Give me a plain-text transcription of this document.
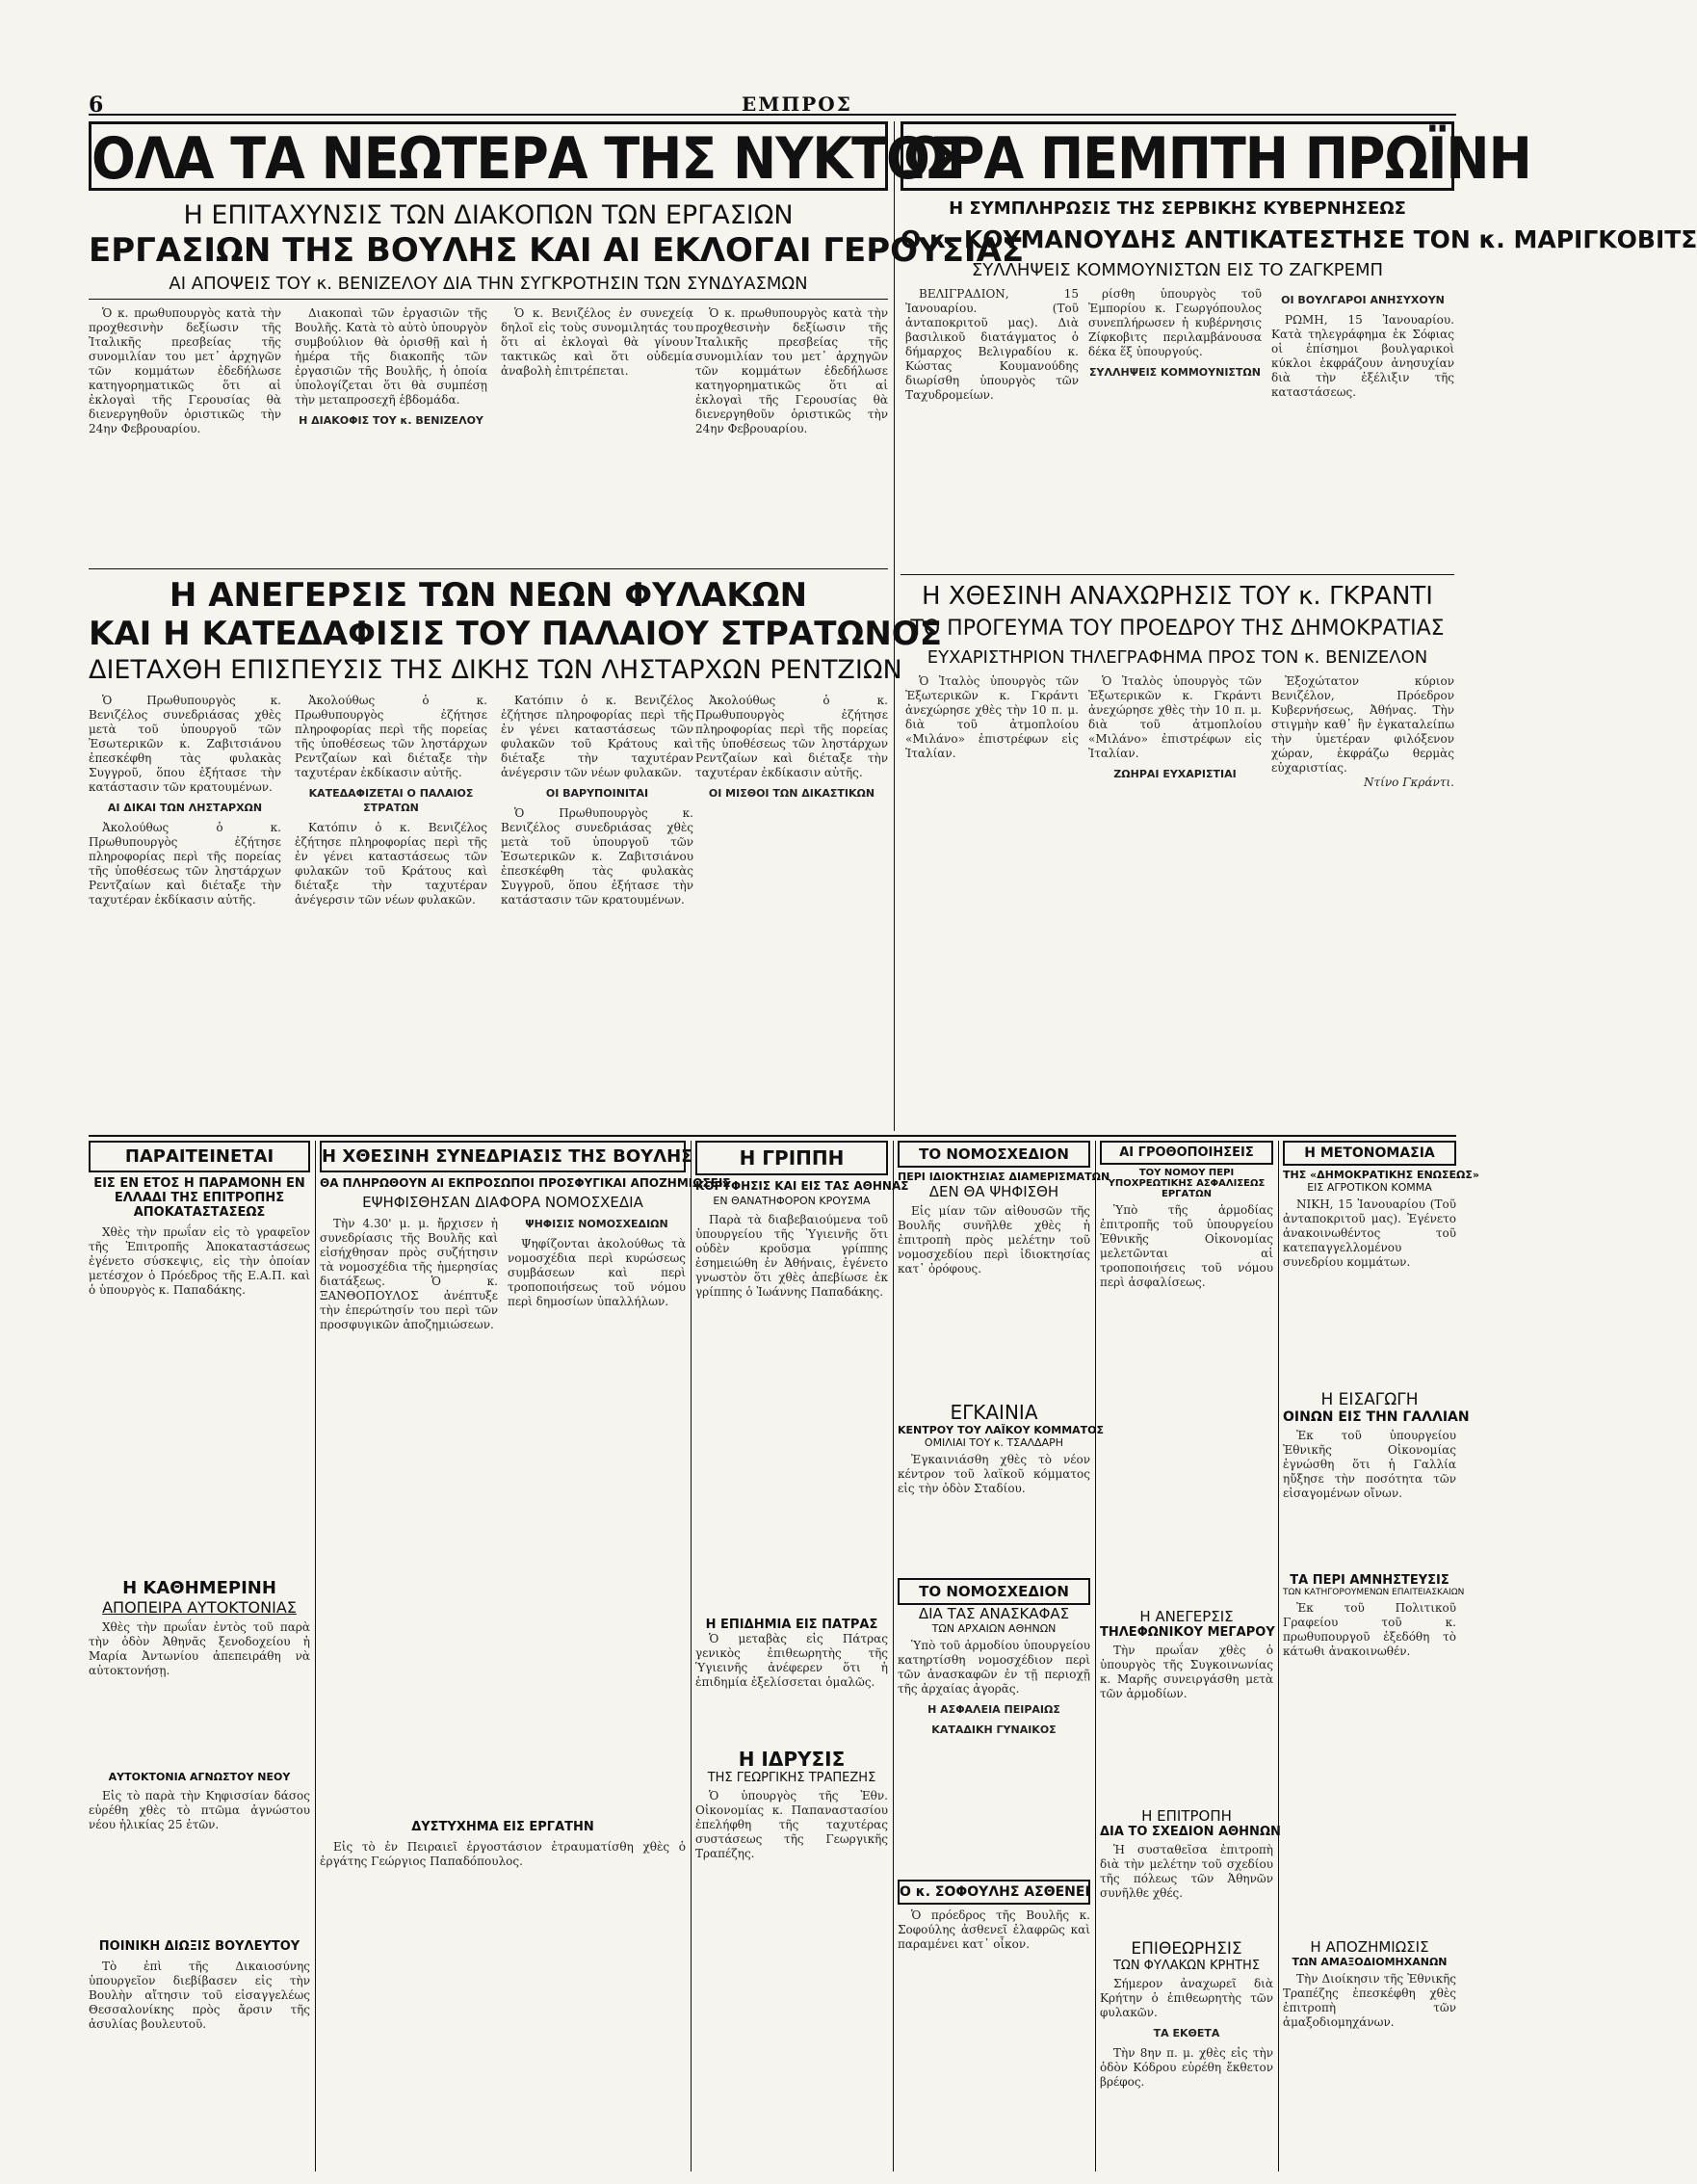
6	ΕΜΠΡΟΣ
ΟΛΑ ΤΑ ΝΕΩΤΕΡΑ ΤΗΣ ΝΥΚΤΟΣ
ΩΡΑ ΠΕΜΠΤΗ ΠΡΩΪΝΗ
Η ΕΠΙΤΑΧΥΝΣΙΣ ΤΩΝ ΔΙΑΚΟΠΩΝ ΤΩΝ ΕΡΓΑΣΙΩΝ
ΕΡΓΑΣΙΩΝ ΤΗΣ ΒΟΥΛΗΣ ΚΑΙ ΑΙ ΕΚΛΟΓΑΙ ΓΕΡΟΥΣΙΑΣ
ΑΙ ΑΠΟΨΕΙΣ ΤΟΥ κ. ΒΕΝΙΖΕΛΟΥ ΔΙΑ ΤΗΝ ΣΥΓΚΡΟΤΗΣΙΝ ΤΩΝ ΣΥΝΔΥΑΣΜΩΝ

Ὁ κ. πρωθυπουργὸς κατὰ τὴν προχθεσινὴν δεξίωσιν τῆς Ἰταλικῆς πρεσβείας τῆς συνομιλίαν του μετ᾽ ἀρχηγῶν τῶν κομμάτων ἐδεδήλωσε κατηγορηματικῶς ὅτι αἱ ἐκλογαὶ τῆς Γερουσίας θὰ διενεργηθοῦν ὁριστικῶς τὴν 24ην Φεβρουαρίου.

Διακοπαὶ τῶν ἐργασιῶν τῆς Βουλῆς. Κατὰ τὸ αὐτὸ ὑπουργὸν συμβούλιον θὰ ὁρισθῇ καὶ ἡ ἡμέρα τῆς διακοπῆς τῶν ἐργασιῶν τῆς Βουλῆς, ἡ ὁποία ὑπολογίζεται ὅτι θὰ συμπέσῃ τὴν μεταπροσεχῆ ἑβδομάδα.

Η ΔΙΑΚΟΦΙΣ ΤΟΥ κ. ΒΕΝΙΖΕΛΟΥ

Ὁ κ. Βενιζέλος ἐν συνεχείᾳ δηλοῖ εἰς τοὺς συνομιλητάς του ὅτι αἱ ἐκλογαὶ θὰ γίνουν τακτικῶς καὶ ὅτι οὐδεμία ἀναβολὴ ἐπιτρέπεται.

Ὁ κ. πρωθυπουργὸς κατὰ τὴν προχθεσινὴν δεξίωσιν τῆς Ἰταλικῆς πρεσβείας τῆς συνομιλίαν του μετ᾽ ἀρχηγῶν τῶν κομμάτων ἐδεδήλωσε κατηγορηματικῶς ὅτι αἱ ἐκλογαὶ τῆς Γερουσίας θὰ διενεργηθοῦν ὁριστικῶς τὴν 24ην Φεβρουαρίου.

Η ΣΥΜΠΛΗΡΩΣΙΣ ΤΗΣ ΣΕΡΒΙΚΗΣ ΚΥΒΕΡΝΗΣΕΩΣ
Ο κ. ΚΟΥΜΑΝΟΥΔΗΣ ΑΝΤΙΚΑΤΕΣΤΗΣΕ ΤΟΝ κ. ΜΑΡΙΓΚΟΒΙΤΣ
ΣΥΛΛΗΨΕΙΣ ΚΟΜΜΟΥΝΙΣΤΩΝ ΕΙΣ ΤΟ ΖΑΓΚΡΕΜΠ

ΒΕΛΙΓΡΑΔΙΟΝ, 15 Ἰανουαρίου. (Τοῦ ἀνταποκριτοῦ μας). Διὰ βασιλικοῦ διατάγματος ὁ δήμαρχος Βελιγραδίου κ. Κώστας Κουμανούδης διωρίσθη ὑπουργὸς τῶν Ταχυδρομείων.

ρίσθη ὑπουργὸς τοῦ Ἐμπορίου κ. Γεωργόπουλος συνεπλήρωσεν ἡ κυβέρνησις Ζίφκοβιτς περιλαμβάνουσα δέκα ἕξ ὑπουργούς.

ΣΥΛΛΗΨΕΙΣ ΚΟΜΜΟΥΝΙΣΤΩΝ
ΟΙ ΒΟΥΛΓΑΡΟΙ ΑΝΗΣΥΧΟΥΝ

ΡΩΜΗ, 15 Ἰανουαρίου. Κατὰ τηλεγράφημα ἐκ Σόφιας οἱ ἐπίσημοι βουλγαρικοὶ κύκλοι ἐκφράζουν ἀνησυχίαν διὰ τὴν ἐξέλιξιν τῆς καταστάσεως.

Η ΑΝΕΓΕΡΣΙΣ ΤΩΝ ΝΕΩΝ ΦΥΛΑΚΩΝ
ΚΑΙ Η ΚΑΤΕΔΑΦΙΣΙΣ ΤΟΥ ΠΑΛΑΙΟΥ ΣΤΡΑΤΩΝΟΣ
ΔΙΕΤΑΧΘΗ ΕΠΙΣΠΕΥΣΙΣ ΤΗΣ ΔΙΚΗΣ ΤΩΝ ΛΗΣΤΑΡΧΩΝ ΡΕΝΤΖΙΩΝ

Ὁ Πρωθυπουργὸς κ. Βενιζέλος συνεδριάσας χθὲς μετὰ τοῦ ὑπουργοῦ τῶν Ἐσωτερικῶν κ. Ζαβιτσιάνου ἐπεσκέφθη τὰς φυλακὰς Συγγροῦ, ὅπου ἐξήτασε τὴν κατάστασιν τῶν κρατουμένων.

ΑΙ ΔΙΚΑΙ ΤΩΝ ΛΗΣΤΑΡΧΩΝ

Ἀκολούθως ὁ κ. Πρωθυπουργὸς ἐζήτησε πληροφορίας περὶ τῆς πορείας τῆς ὑποθέσεως τῶν ληστάρχων Ρεντζαίων καὶ διέταξε τὴν ταχυτέραν ἐκδίκασιν αὐτῆς.

Ἀκολούθως ὁ κ. Πρωθυπουργὸς ἐζήτησε πληροφορίας περὶ τῆς πορείας τῆς ὑποθέσεως τῶν ληστάρχων Ρεντζαίων καὶ διέταξε τὴν ταχυτέραν ἐκδίκασιν αὐτῆς.

ΚΑΤΕΔΑΦΙΖΕΤΑΙ Ο ΠΑΛΑΙΟΣ ΣΤΡΑΤΩΝ

Κατόπιν ὁ κ. Βενιζέλος ἐζήτησε πληροφορίας περὶ τῆς ἐν γένει καταστάσεως τῶν φυλακῶν τοῦ Κράτους καὶ διέταξε τὴν ταχυτέραν ἀνέγερσιν τῶν νέων φυλακῶν.

Κατόπιν ὁ κ. Βενιζέλος ἐζήτησε πληροφορίας περὶ τῆς ἐν γένει καταστάσεως τῶν φυλακῶν τοῦ Κράτους καὶ διέταξε τὴν ταχυτέραν ἀνέγερσιν τῶν νέων φυλακῶν.

ΟΙ ΒΑΡΥΠΟΙΝΙΤΑΙ

Ὁ Πρωθυπουργὸς κ. Βενιζέλος συνεδριάσας χθὲς μετὰ τοῦ ὑπουργοῦ τῶν Ἐσωτερικῶν κ. Ζαβιτσιάνου ἐπεσκέφθη τὰς φυλακὰς Συγγροῦ, ὅπου ἐξήτασε τὴν κατάστασιν τῶν κρατουμένων.

Ἀκολούθως ὁ κ. Πρωθυπουργὸς ἐζήτησε πληροφορίας περὶ τῆς πορείας τῆς ὑποθέσεως τῶν ληστάρχων Ρεντζαίων καὶ διέταξε τὴν ταχυτέραν ἐκδίκασιν αὐτῆς.

ΟΙ ΜΙΣΘΟΙ ΤΩΝ ΔΙΚΑΣΤΙΚΩΝ
Η ΧΘΕΣΙΝΗ ΑΝΑΧΩΡΗΣΙΣ ΤΟΥ κ. ΓΚΡΑΝΤΙ
ΤΟ ΠΡΟΓΕΥΜΑ ΤΟΥ ΠΡΟΕΔΡΟΥ ΤΗΣ ΔΗΜΟΚΡΑΤΙΑΣ
ΕΥΧΑΡΙΣΤΗΡΙΟΝ ΤΗΛΕΓΡΑΦΗΜΑ ΠΡΟΣ ΤΟΝ κ. ΒΕΝΙΖΕΛΟΝ

Ὁ Ἰταλὸς ὑπουργὸς τῶν Ἐξωτερικῶν κ. Γκράντι ἀνεχώρησε χθὲς τὴν 10 π. μ. διὰ τοῦ ἀτμοπλοίου «Μιλάνο» ἐπιστρέφων εἰς Ἰταλίαν.

Ὁ Ἰταλὸς ὑπουργὸς τῶν Ἐξωτερικῶν κ. Γκράντι ἀνεχώρησε χθὲς τὴν 10 π. μ. διὰ τοῦ ἀτμοπλοίου «Μιλάνο» ἐπιστρέφων εἰς Ἰταλίαν.

ΖΩΗΡΑΙ ΕΥΧΑΡΙΣΤΙΑΙ

Ἐξοχώτατον κύριον Βενιζέλον, Πρόεδρον Κυβερνήσεως, Ἀθήνας. Τὴν στιγμὴν καθ᾽ ἣν ἐγκαταλείπω τὴν ὑμετέραν φιλόξενον χώραν, ἐκφράζω θερμὰς εὐχαριστίας.

Ντίνο Γκράντι.

ΠΑΡΑΙΤΕΙΝΕΤΑΙ
ΕΙΣ ΕΝ ΕΤΟΣ Η ΠΑΡΑΜΟΝΗ ΕΝ ΕΛΛΑΔΙ ΤΗΣ ΕΠΙΤΡΟΠΗΣ ΑΠΟΚΑΤΑΣΤΑΣΕΩΣ

Χθὲς τὴν πρωΐαν εἰς τὸ γραφεῖον τῆς Ἐπιτροπῆς Ἀποκαταστάσεως ἐγένετο σύσκεψις, εἰς τὴν ὁποίαν μετέσχον ὁ Πρόεδρος τῆς Ε.Α.Π. καὶ ὁ ὑπουργὸς κ. Παπαδάκης.

Η ΚΑΘΗΜΕΡΙΝΗ
ΑΠΟΠΕΙΡΑ ΑΥΤΟΚΤΟΝΙΑΣ

Χθὲς τὴν πρωΐαν ἐντὸς τοῦ παρὰ τὴν ὁδὸν Ἀθηνᾶς ξενοδοχείου ἡ Μαρία Ἀντωνίου ἀπεπειράθη νὰ αὐτοκτονήσῃ.

ΑΥΤΟΚΤΟΝΙΑ ΑΓΝΩΣΤΟΥ ΝΕΟΥ

Εἰς τὸ παρὰ τὴν Κηφισσίαν δάσος εὑρέθη χθὲς τὸ πτῶμα ἀγνώστου νέου ἡλικίας 25 ἐτῶν.

ΠΟΙΝΙΚΗ ΔΙΩΞΙΣ ΒΟΥΛΕΥΤΟΥ

Τὸ ἐπὶ τῆς Δικαιοσύνης ὑπουργεῖον διεβίβασεν εἰς τὴν Βουλὴν αἴτησιν τοῦ εἰσαγγελέως Θεσσαλονίκης πρὸς ἄρσιν τῆς ἀσυλίας βουλευτοῦ.

Η ΧΘΕΣΙΝΗ ΣΥΝΕΔΡΙΑΣΙΣ ΤΗΣ ΒΟΥΛΗΣ
ΘΑ ΠΛΗΡΩΘΟΥΝ ΑΙ ΕΚΠΡΟΣΩΠΟΙ ΠΡΟΣΦΥΓΙΚΑΙ ΑΠΟΖΗΜΙΩΣΕΙΣ
ΕΨΗΦΙΣΘΗΣΑΝ ΔΙΑΦΟΡΑ ΝΟΜΟΣΧΕΔΙΑ

Τὴν 4.30' μ. μ. ἤρχισεν ἡ συνεδρίασις τῆς Βουλῆς καὶ εἰσήχθησαν πρὸς συζήτησιν τὰ νομοσχέδια τῆς ἡμερησίας διατάξεως. Ὁ κ. ΞΑΝΘΟΠΟΥΛΟΣ ἀνέπτυξε τὴν ἐπερώτησίν του περὶ τῶν προσφυγικῶν ἀποζημιώσεων.

ΨΗΦΙΣΙΣ ΝΟΜΟΣΧΕΔΙΩΝ

Ψηφίζονται ἀκολούθως τὰ νομοσχέδια περὶ κυρώσεως συμβάσεων καὶ περὶ τροποποιήσεως τοῦ νόμου περὶ δημοσίων ὑπαλλήλων.

ΔΥΣΤΥΧΗΜΑ ΕΙΣ ΕΡΓΑΤΗΝ

Εἰς τὸ ἐν Πειραιεῖ ἐργοστάσιον ἐτραυματίσθη χθὲς ὁ ἐργάτης Γεώργιος Παπαδόπουλος.

Η ΓΡΙΠΠΗ
ΚΟΡΥΦΗΣΙΣ ΚΑΙ ΕΙΣ ΤΑΣ ΑΘΗΝΑΣ
ΕΝ ΘΑΝΑΤΗΦΟΡΟΝ ΚΡΟΥΣΜΑ

Παρὰ τὰ διαβεβαιούμενα τοῦ ὑπουργείου τῆς Ὑγιεινῆς ὅτι οὐδὲν κροῦσμα γρίππης ἐσημειώθη ἐν Ἀθήναις, ἐγένετο γνωστὸν ὅτι χθὲς ἀπεβίωσε ἐκ γρίππης ὁ Ἰωάννης Παπαδάκης.

Η ΕΠΙΔΗΜΙΑ ΕΙΣ ΠΑΤΡΑΣ

Ὁ μεταβὰς εἰς Πάτρας γενικὸς ἐπιθεωρητὴς τῆς Ὑγιεινῆς ἀνέφερεν ὅτι ἡ ἐπιδημία ἐξελίσσεται ὁμαλῶς.

Η ΙΔΡΥΣΙΣ
ΤΗΣ ΓΕΩΡΓΙΚΗΣ ΤΡΑΠΕΖΗΣ

Ὁ ὑπουργὸς τῆς Ἐθν. Οἰκονομίας κ. Παπαναστασίου ἐπελήφθη τῆς ταχυτέρας συστάσεως τῆς Γεωργικῆς Τραπέζης.

ΤΟ ΝΟΜΟΣΧΕΔΙΟΝ
ΠΕΡΙ ΙΔΙΟΚΤΗΣΙΑΣ ΔΙΑΜΕΡΙΣΜΑΤΩΝ
ΔΕΝ ΘΑ ΨΗΦΙΣΘΗ

Εἰς μίαν τῶν αἰθουσῶν τῆς Βουλῆς συνῆλθε χθὲς ἡ ἐπιτροπὴ πρὸς μελέτην τοῦ νομοσχεδίου περὶ ἰδιοκτησίας κατ᾽ ὀρόφους.

ΕΓΚΑΙΝΙΑ
ΚΕΝΤΡΟΥ ΤΟΥ ΛΑΪΚΟΥ ΚΟΜΜΑΤΟΣ
ΟΜΙΛΙΑΙ ΤΟΥ κ. ΤΣΑΛΔΑΡΗ

Ἐγκαινιάσθη χθὲς τὸ νέον κέντρον τοῦ λαϊκοῦ κόμματος εἰς τὴν ὁδὸν Σταδίου.

ΤΟ ΝΟΜΟΣΧΕΔΙΟΝ
ΔΙΑ ΤΑΣ ΑΝΑΣΚΑΦΑΣ
ΤΩΝ ΑΡΧΑΙΩΝ ΑΘΗΝΩΝ

Ὑπὸ τοῦ ἁρμοδίου ὑπουργείου κατηρτίσθη νομοσχέδιον περὶ τῶν ἀνασκαφῶν ἐν τῇ περιοχῇ τῆς ἀρχαίας ἀγορᾶς.

Η ΑΣΦΑΛΕΙΑ ΠΕΙΡΑΙΩΣ
ΚΑΤΑΔΙΚΗ ΓΥΝΑΙΚΟΣ
Ο κ. ΣΟΦΟΥΛΗΣ ΑΣΘΕΝΕΙ

Ὁ πρόεδρος τῆς Βουλῆς κ. Σοφούλης ἀσθενεῖ ἐλαφρῶς καὶ παραμένει κατ᾽ οἶκον.

ΑΙ ΓΡΟΘΟΠΟΙΗΣΕΙΣ
ΤΟΥ ΝΟΜΟΥ ΠΕΡΙ ΥΠΟΧΡΕΩΤΙΚΗΣ ΑΣΦΑΛΙΣΕΩΣ ΕΡΓΑΤΩΝ

Ὑπὸ τῆς ἁρμοδίας ἐπιτροπῆς τοῦ ὑπουργείου Ἐθνικῆς Οἰκονομίας μελετῶνται αἱ τροποποιήσεις τοῦ νόμου περὶ ἀσφαλίσεως.

Η ΑΝΕΓΕΡΣΙΣ
ΤΗΛΕΦΩΝΙΚΟΥ ΜΕΓΑΡΟΥ

Τὴν πρωΐαν χθὲς ὁ ὑπουργὸς τῆς Συγκοινωνίας κ. Μαρῆς συνειργάσθη μετὰ τῶν ἁρμοδίων.

Η ΕΠΙΤΡΟΠΗ
ΔΙΑ ΤΟ ΣΧΕΔΙΟΝ ΑΘΗΝΩΝ

Ἡ συσταθεῖσα ἐπιτροπὴ διὰ τὴν μελέτην τοῦ σχεδίου τῆς πόλεως τῶν Ἀθηνῶν συνῆλθε χθές.

ΕΠΙΘΕΩΡΗΣΙΣ
ΤΩΝ ΦΥΛΑΚΩΝ ΚΡΗΤΗΣ

Σήμερον ἀναχωρεῖ διὰ Κρήτην ὁ ἐπιθεωρητὴς τῶν φυλακῶν.

ΤΑ ΕΚΘΕΤΑ

Τὴν 8ην π. μ. χθὲς εἰς τὴν ὁδὸν Κόδρου εὑρέθη ἔκθετον βρέφος.

Η ΜΕΤΟΝΟΜΑΣΙΑ
ΤΗΣ «ΔΗΜΟΚΡΑΤΙΚΗΣ ΕΝΩΣΕΩΣ»
ΕΙΣ ΑΓΡΟΤΙΚΟΝ ΚΟΜΜΑ

ΝΙΚΗ, 15 Ἰανουαρίου (Τοῦ ἀνταποκριτοῦ μας). Ἐγένετο ἀνακοινωθέντος τοῦ κατεπαγγελλομένου συνεδρίου κομμάτων.

Η ΕΙΣΑΓΩΓΗ
ΟΙΝΩΝ ΕΙΣ ΤΗΝ ΓΑΛΛΙΑΝ

Ἐκ τοῦ ὑπουργείου Ἐθνικῆς Οἰκονομίας ἐγνώσθη ὅτι ἡ Γαλλία ηὔξησε τὴν ποσότητα τῶν εἰσαγομένων οἴνων.

ΤΑ ΠΕΡΙ ΑΜΝΗΣΤΕΥΣΙΣ
ΤΩΝ ΚΑΤΗΓΟΡΟΥΜΕΝΩΝ ΕΠΑΙΤΕΙΑΣΚΑΙΩΝ

Ἐκ τοῦ Πολιτικοῦ Γραφείου τοῦ κ. πρωθυπουργοῦ ἐξεδόθη τὸ κάτωθι ἀνακοινωθέν.

Η ΑΠΟΖΗΜΙΩΣΙΣ
ΤΩΝ ΑΜΑΞΟΔΙΟΜΗΧΑΝΩΝ

Τὴν Διοίκησιν τῆς Ἐθνικῆς Τραπέζης ἐπεσκέφθη χθὲς ἐπιτροπὴ τῶν ἀμαξοδιομηχάνων.
